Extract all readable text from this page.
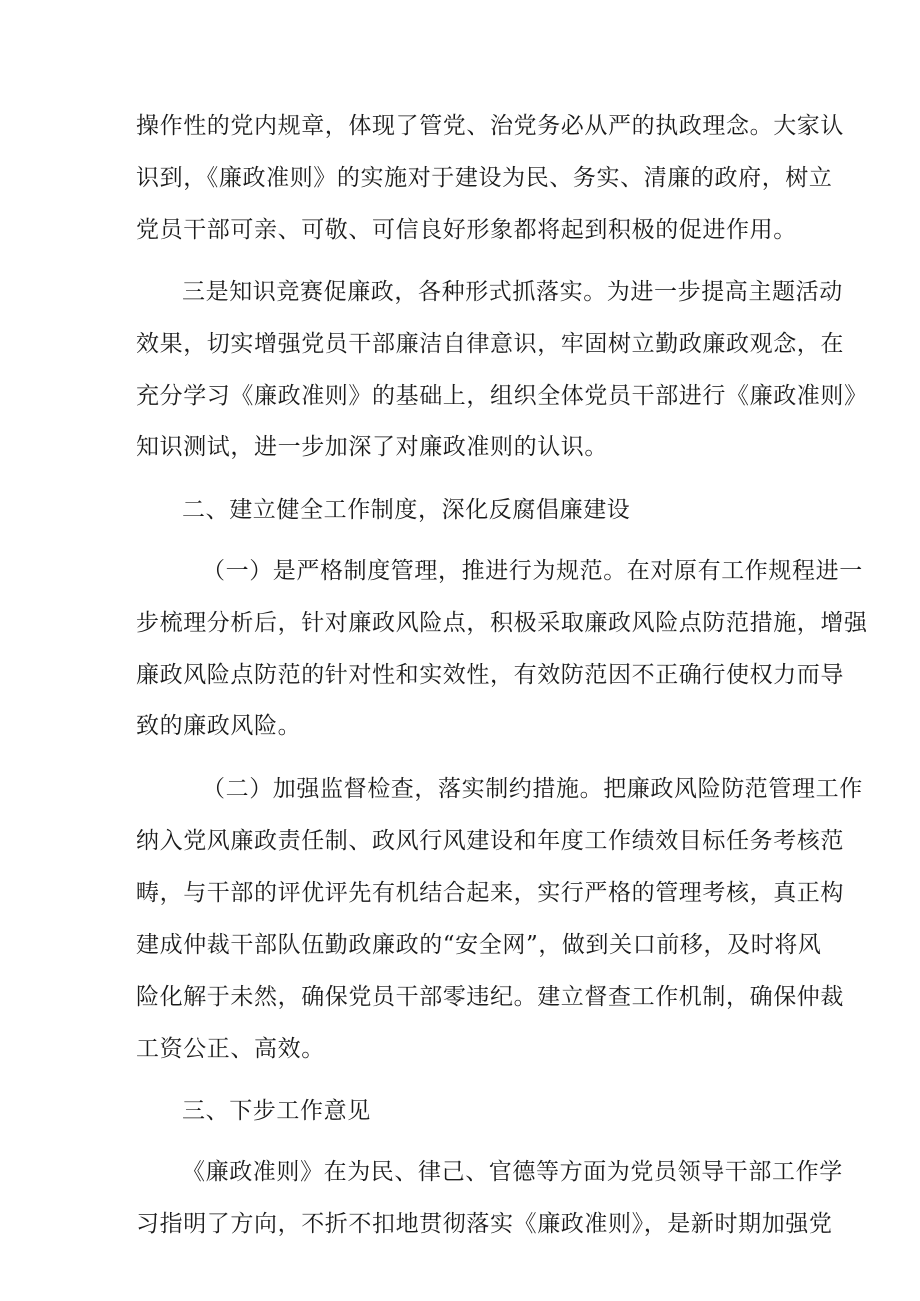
操作性的党内规章，体现了管党、治党务必从严的执政理念。大家认
识到，《廉政准则》的实施对于建设为民、务实、清廉的政府，树立
党员干部可亲、可敬、可信良好形象都将起到积极的促进作用。
三是知识竞赛促廉政，各种形式抓落实。为进一步提高主题活动
效果，切实增强党员干部廉洁自律意识，牢固树立勤政廉政观念，在
充分学习《廉政准则》的基础上，组织全体党员干部进行《廉政准则》
知识测试，进一步加深了对廉政准则的认识。
二、建立健全工作制度，深化反腐倡廉建设
（一）是严格制度管理，推进行为规范。在对原有工作规程进一
步梳理分析后，针对廉政风险点，积极采取廉政风险点防范措施，增强
廉政风险点防范的针对性和实效性，有效防范因不正确行使权力而导
致的廉政风险。
（二）加强监督检查，落实制约措施。把廉政风险防范管理工作
纳入党风廉政责任制、政风行风建设和年度工作绩效目标任务考核范
畴，与干部的评优评先有机结合起来，实行严格的管理考核，真正构
建成仲裁干部队伍勤政廉政的“安全网”，做到关口前移，及时将风
险化解于未然，确保党员干部零违纪。建立督查工作机制，确保仲裁
工资公正、高效。
三、下步工作意见
《廉政准则》在为民、律己、官德等方面为党员领导干部工作学
习指明了方向，不折不扣地贯彻落实《廉政准则》，是新时期加强党
